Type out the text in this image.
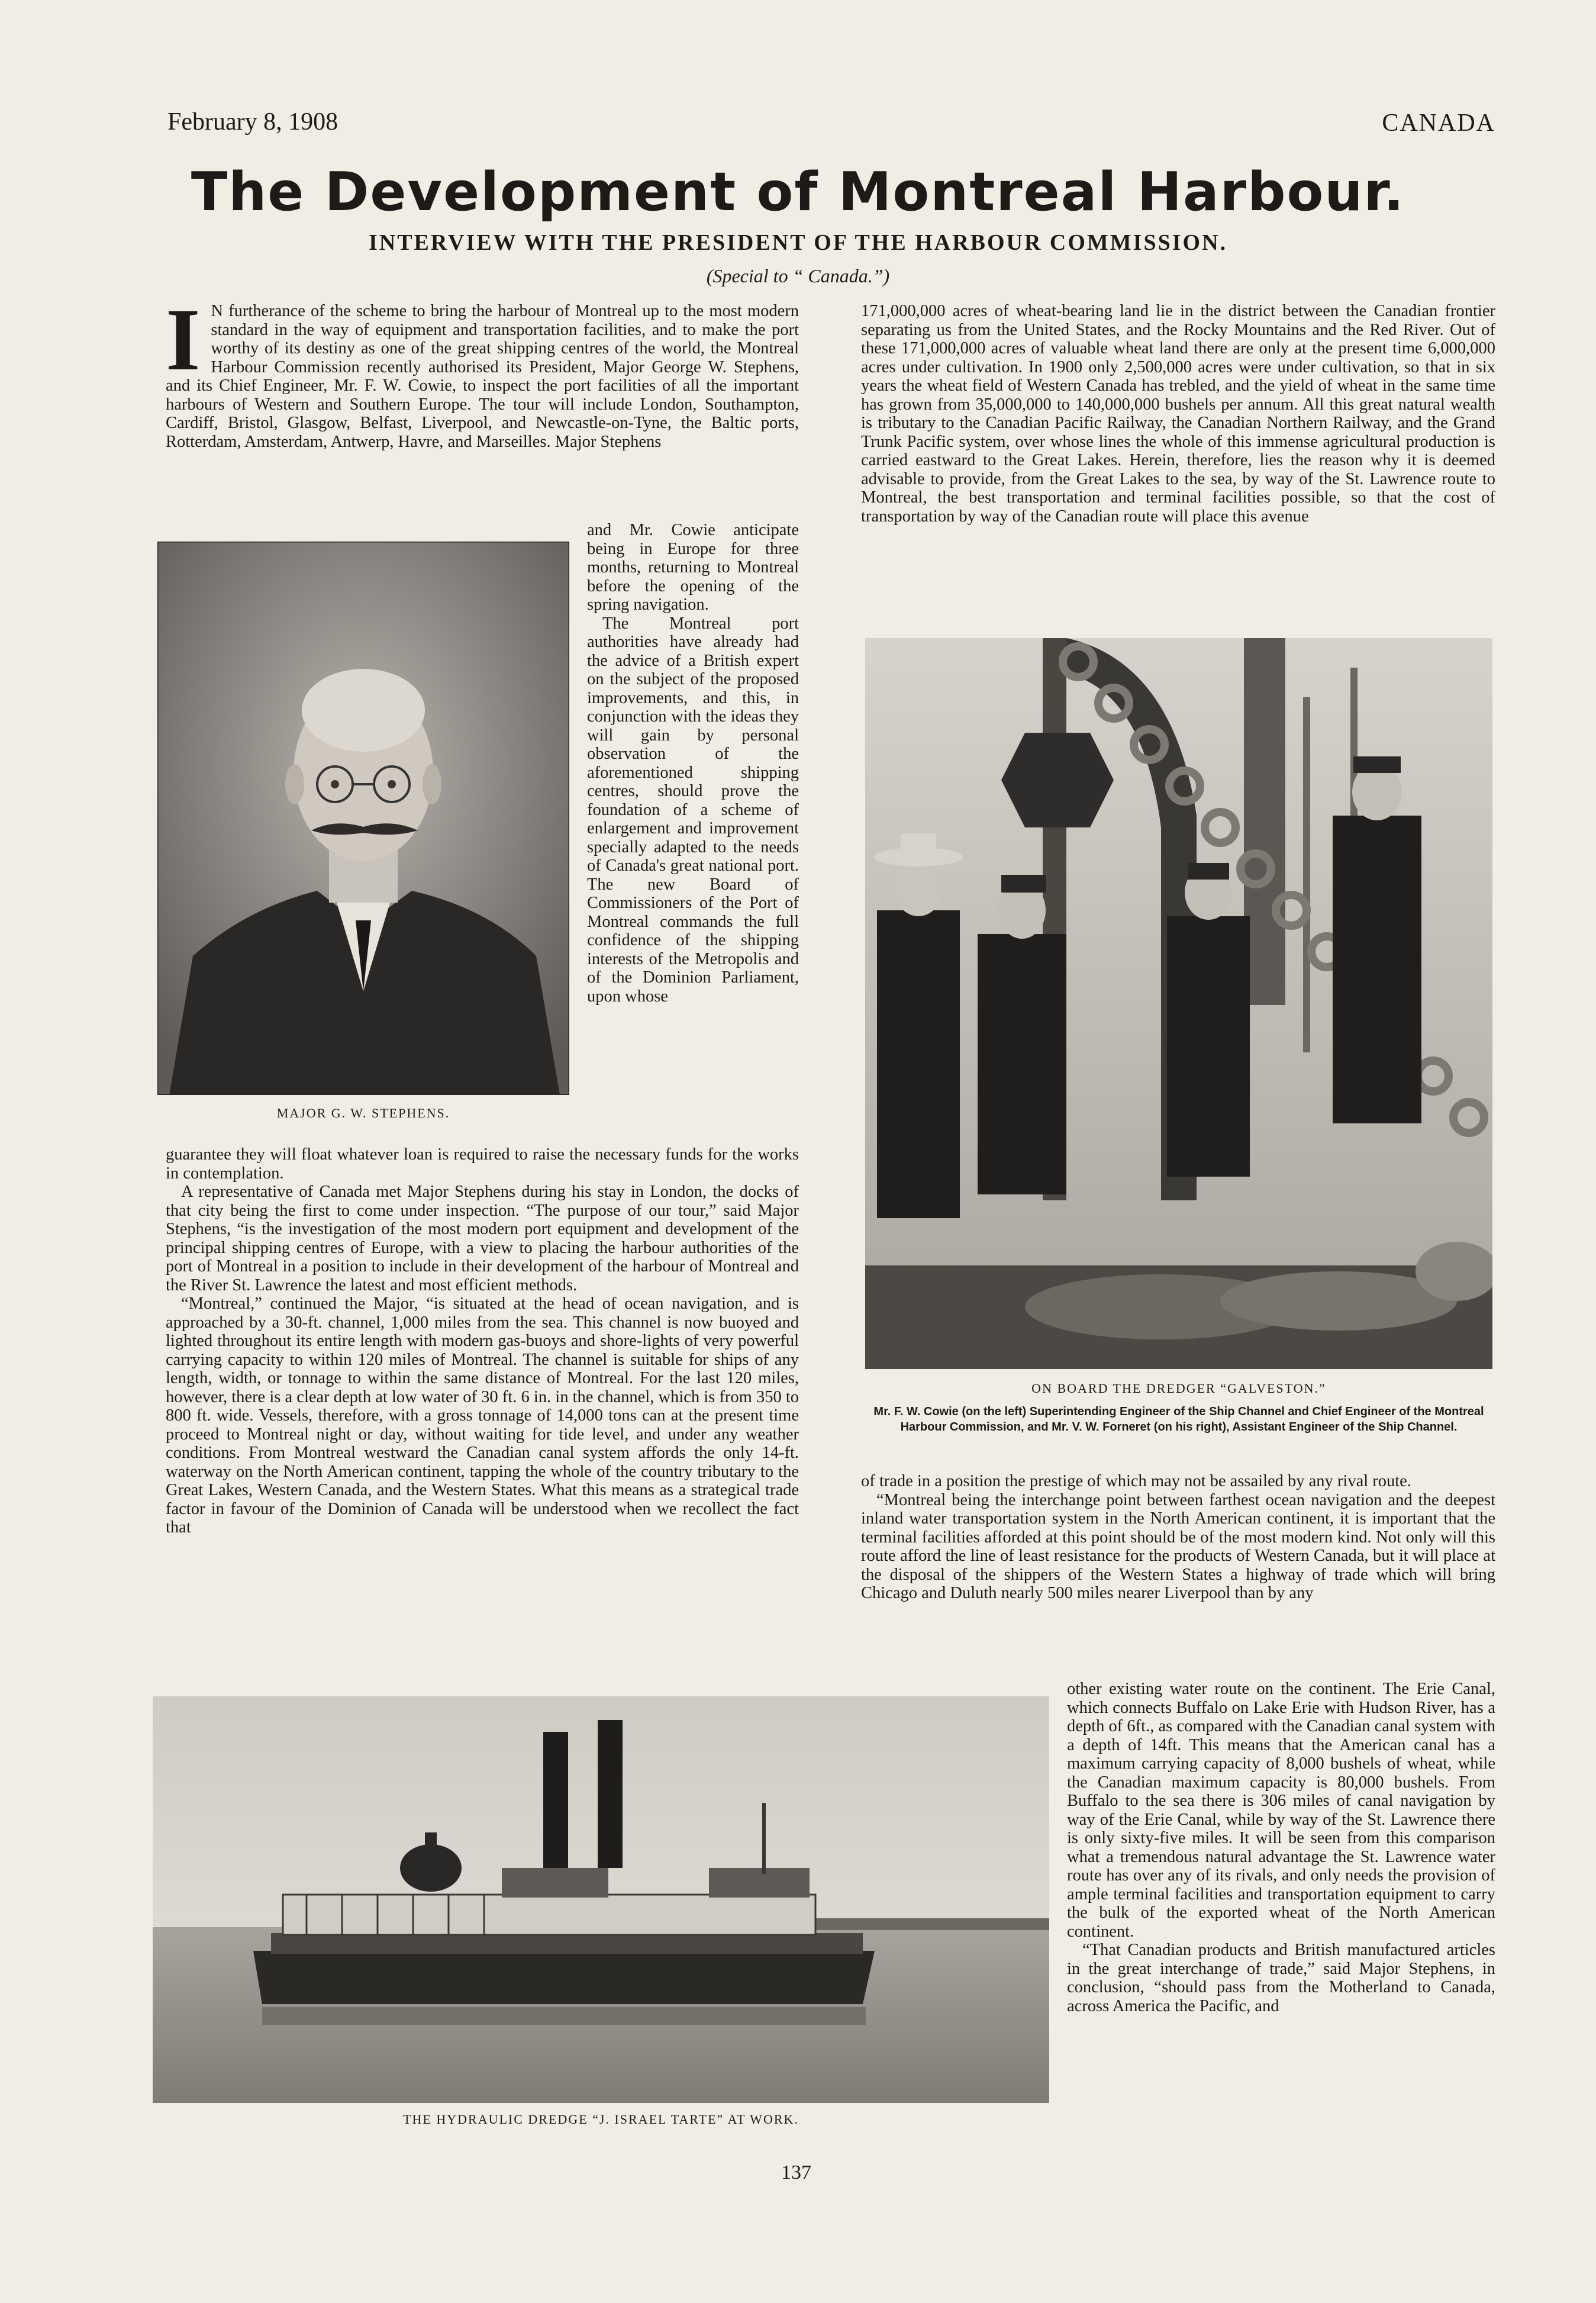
February 8, 1908	CANADA
The Development of Montreal Harbour.
INTERVIEW WITH THE PRESIDENT OF THE HARBOUR COMMISSION.
(Special to “ Canada.”)
I N furtherance of the scheme to bring the harbour of Montreal up to the most modern standard in the way of equipment and transportation facilities, and to make the port worthy of its destiny as one of the great shipping centres of the world, the Montreal Harbour Commission recently authorised its President, Major George W. Stephens, and its Chief Engineer, Mr. F. W. Cowie, to inspect the port facilities of all the important harbours of Western and Southern Europe. The tour will include London, Southampton, Cardiff, Bristol, Glasgow, Belfast, Liverpool, and Newcastle-on-Tyne, the Baltic ports, Rotterdam, Amsterdam, Antwerp, Havre, and Marseilles. Major Stephens

MAJOR G. W. STEPHENS.

and Mr. Cowie anticipate being in Europe for three months, returning to Montreal before the opening of the spring navigation.

The Montreal port authorities have already had the advice of a British expert on the subject of the proposed improvements, and this, in conjunction with the ideas they will gain by personal observation of the aforementioned shipping centres, should prove the foundation of a scheme of enlargement and improvement specially adapted to the needs of Canada's great national port. The new Board of Commissioners of the Port of Montreal commands the full confidence of the shipping interests of the Metropolis and of the Dominion Parliament, upon whose

guarantee they will float whatever loan is required to raise the necessary funds for the works in contemplation.

A representative of Canada met Major Stephens during his stay in London, the docks of that city being the first to come under inspection. “The purpose of our tour,” said Major Stephens, “is the investigation of the most modern port equipment and development of the principal shipping centres of Europe, with a view to placing the harbour authorities of the port of Montreal in a position to include in their development of the harbour of Montreal and the River St. Lawrence the latest and most efficient methods.

“Montreal,” continued the Major, “is situated at the head of ocean navigation, and is approached by a 30-ft. channel, 1,000 miles from the sea. This channel is now buoyed and lighted throughout its entire length with modern gas-buoys and shore-lights of very powerful carrying capacity to within 120 miles of Montreal. The channel is suitable for ships of any length, width, or tonnage to within the same distance of Montreal. For the last 120 miles, however, there is a clear depth at low water of 30 ft. 6 in. in the channel, which is from 350 to 800 ft. wide. Vessels, therefore, with a gross tonnage of 14,000 tons can at the present time proceed to Montreal night or day, without waiting for tide level, and under any weather conditions. From Montreal westward the Canadian canal system affords the only 14-ft. waterway on the North American continent, tapping the whole of the country tributary to the Great Lakes, Western Canada, and the Western States. What this means as a strategical trade factor in favour of the Dominion of Canada will be understood when we recollect the fact that

171,000,000 acres of wheat-bearing land lie in the district between the Canadian frontier separating us from the United States, and the Rocky Mountains and the Red River. Out of these 171,000,000 acres of valuable wheat land there are only at the present time 6,000,000 acres under cultivation. In 1900 only 2,500,000 acres were under cultivation, so that in six years the wheat field of Western Canada has trebled, and the yield of wheat in the same time has grown from 35,000,000 to 140,000,000 bushels per annum. All this great natural wealth is tributary to the Canadian Pacific Railway, the Canadian Northern Railway, and the Grand Trunk Pacific system, over whose lines the whole of this immense agricultural production is carried eastward to the Great Lakes. Herein, therefore, lies the reason why it is deemed advisable to provide, from the Great Lakes to the sea, by way of the St. Lawrence route to Montreal, the best transportation and terminal facilities possible, so that the cost of transportation by way of the Canadian route will place this avenue

ON BOARD THE DREDGER “GALVESTON.”
Mr. F. W. Cowie (on the left) Superintending Engineer of the Ship Channel and Chief Engineer of the Montreal Harbour Commission, and Mr. V. W. Forneret (on his right), Assistant Engineer of the Ship Channel.

of trade in a position the prestige of which may not be assailed by any rival route.

“Montreal being the interchange point between farthest ocean navigation and the deepest inland water transportation system in the North American continent, it is important that the terminal facilities afforded at this point should be of the most modern kind. Not only will this route afford the line of least resistance for the products of Western Canada, but it will place at the disposal of the shippers of the Western States a highway of trade which will bring Chicago and Duluth nearly 500 miles nearer Liverpool than by any

THE HYDRAULIC DREDGE “J. ISRAEL TARTE” AT WORK.

other existing water route on the continent. The Erie Canal, which connects Buffalo on Lake Erie with Hudson River, has a depth of 6ft., as compared with the Canadian canal system with a depth of 14ft. This means that the American canal has a maximum carrying capacity of 8,000 bushels of wheat, while the Canadian maximum capacity is 80,000 bushels. From Buffalo to the sea there is 306 miles of canal navigation by way of the Erie Canal, while by way of the St. Lawrence there is only sixty-five miles. It will be seen from this comparison what a tremendous natural advantage the St. Lawrence water route has over any of its rivals, and only needs the provision of ample terminal facilities and transportation equipment to carry the bulk of the exported wheat of the North American continent.

“That Canadian products and British manufactured articles in the great interchange of trade,” said Major Stephens, in conclusion, “should pass from the Motherland to Canada, across America the Pacific, and

137
